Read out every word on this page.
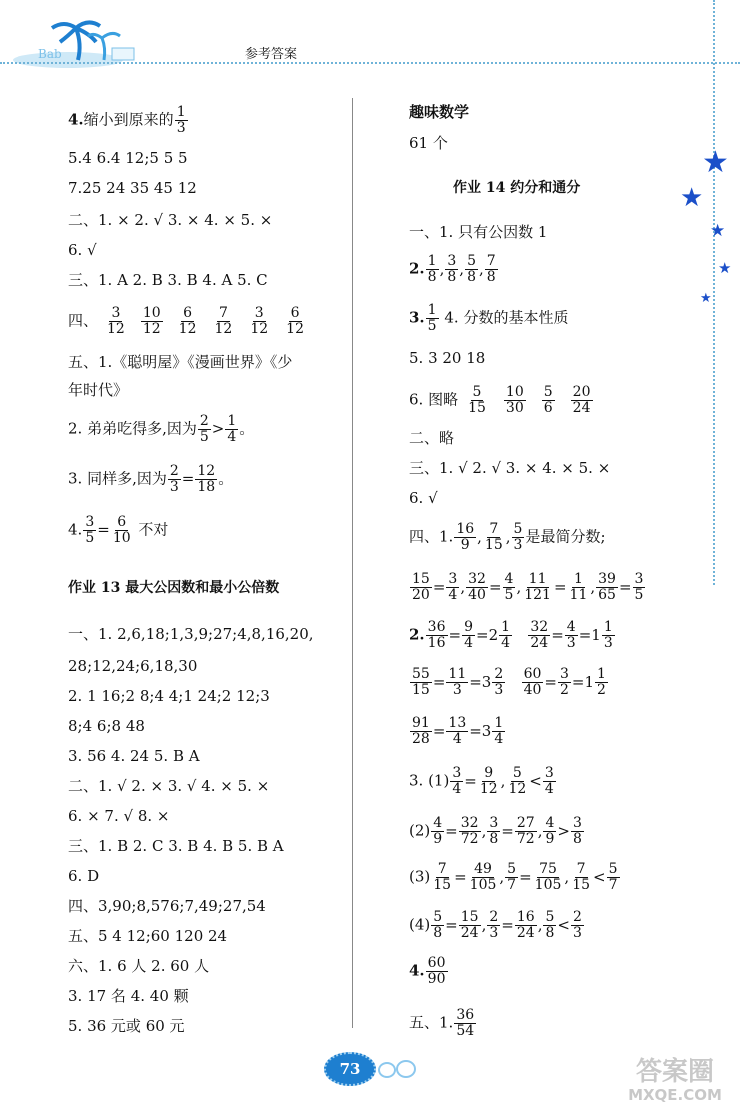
Bab	参考答案
★
★
★
★
★
4.缩小到原来的 $\frac{1}{3}$
5.4 6.4 12;5 5 5
7.25 24 35 45 12
二、1. × 2. √ 3. × 4. × 5. ×
6. √
三、1. A 2. B 3. B 4. A 5. C
四、 $\frac{3}{12} \frac{10}{12} \frac{6}{12} \frac{7}{12} \frac{3}{12} \frac{6}{12}$
五、1.《聪明屋》《漫画世界》《少
年时代》
2. 弟弟吃得多,因为 $\frac{2}{5} > \frac{1}{4}$ 。
3. 同样多,因为 $\frac{2}{3} = \frac{12}{18}$ 。
4. $\frac{3}{5} = \frac{6}{10}$ 不对
作业 13 最大公因数和最小公倍数
一、1. 2,6,18;1,3,9;27;4,8,16,20,
28;12,24;6,18,30
2. 1 16;2 8;4 4;1 24;2 12;3
8;4 6;8 48
3. 56 4. 24 5. B A
二、1. √ 2. × 3. √ 4. × 5. ×
6. × 7. √ 8. ×
三、1. B 2. C 3. B 4. B 5. B A
6. D
四、3,90;8,576;7,49;27,54
五、5 4 12;60 120 24
六、1. 6 人 2. 60 人
3. 17 名 4. 40 颗
5. 36 元或 60 元
趣味数学
61 个
作业 14 约分和通分
一、1. 只有公因数 1
2. $\frac{1}{8}$ , $\frac{3}{8}$ , $\frac{5}{8}$ , $\frac{7}{8}$
3. $\frac{1}{5} 4$. 分数的基本性质
5. 3 20 18
6. 图略 $\frac{5}{15} \frac{10}{30} \frac{5}{6} \frac{20}{24}$
二、略
三、1. √ 2. √ 3. × 4. × 5. ×
6. √
四、1. $\frac{16}{9}$ , $\frac{7}{15}$ , $\frac{5}{3}$ 是最简分数;
$\frac{15}{20} = \frac{3}{4}$ , $\frac{32}{40} = \frac{4}{5}$ , $\frac{11}{121} = \frac{1}{11}$ , $\frac{39}{65} = \frac{3}{5}$
2. $\frac{36}{16} = \frac{9}{4} =2 \frac{1}{4}$
$\frac{32}{24} = \frac{4}{3} =1 \frac{1}{3}$
$\frac{55}{15} = \frac{11}{3} =3 \frac{2}{3}$
$\frac{60}{40} = \frac{3}{2} =1 \frac{1}{2}$
$\frac{91}{28} = \frac{13}{4} =3 \frac{1}{4}$
3. $(1) \frac{3}{4} = \frac{9}{12}$ , $\frac{5}{12} < \frac{3}{4}$
$(2) \frac{4}{9} = \frac{32}{72}$ , $\frac{3}{8} = \frac{27}{72}$ , $\frac{4}{9} > \frac{3}{8}$
$(3) \frac{7}{15} = \frac{49}{105}$ , $\frac{5}{7} = \frac{75}{105}$ , $\frac{7}{15} < \frac{5}{7}$
$(4) \frac{5}{8} = \frac{15}{24}$ , $\frac{2}{3} = \frac{16}{24}$ , $\frac{5}{8} < \frac{2}{3}$
4. $\frac{60}{90}$
五、1. $\frac{36}{54}$
73	答案圈
MXQE.COM
